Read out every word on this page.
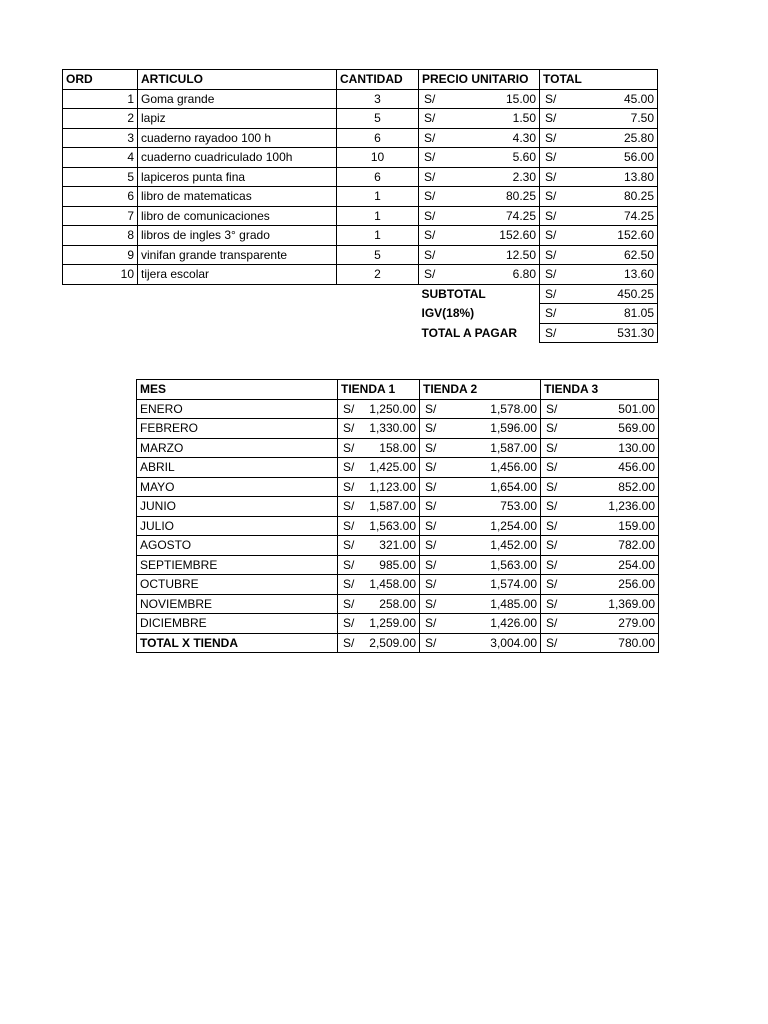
ORD	ARTICULO	CANTIDAD	PRECIO UNITARIO	TOTAL
1	Goma grande	3	S/ 15.00	S/ 45.00

2	lapiz	5	S/ 1.50	S/ 7.50

3	cuaderno rayadoo 100 h	6	S/ 4.30	S/ 25.80

4	cuaderno cuadriculado 100h	10	S/ 5.60	S/ 56.00

5	lapiceros punta fina	6	S/ 2.30	S/ 13.80

6	libro de matematicas	1	S/ 80.25	S/ 80.25

7	libro de comunicaciones	1	S/ 74.25	S/ 74.25

8	libros de ingles 3° grado	1	S/ 152.60	S/ 152.60

9	vinifan grande transparente	5	S/ 12.50	S/ 62.50

10	tijera escolar	2	S/ 6.80	S/ 13.60

			SUBTOTAL	S/ 450.25

			IGV(18%)	S/ 81.05

			TOTAL A PAGAR	S/ 531.30
MES	TIENDA 1	TIENDA 2	TIENDA 3
ENERO	S/ 1,250.00	S/ 1,578.00	S/ 501.00

FEBRERO	S/ 1,330.00	S/ 1,596.00	S/ 569.00

MARZO	S/ 158.00	S/ 1,587.00	S/ 130.00

ABRIL	S/ 1,425.00	S/ 1,456.00	S/ 456.00

MAYO	S/ 1,123.00	S/ 1,654.00	S/ 852.00

JUNIO	S/ 1,587.00	S/ 753.00	S/ 1,236.00

JULIO	S/ 1,563.00	S/ 1,254.00	S/ 159.00

AGOSTO	S/ 321.00	S/ 1,452.00	S/ 782.00

SEPTIEMBRE	S/ 985.00	S/ 1,563.00	S/ 254.00

OCTUBRE	S/ 1,458.00	S/ 1,574.00	S/ 256.00

NOVIEMBRE	S/ 258.00	S/ 1,485.00	S/ 1,369.00

DICIEMBRE	S/ 1,259.00	S/ 1,426.00	S/ 279.00

TOTAL X TIENDA	S/ 2,509.00	S/ 3,004.00	S/ 780.00
